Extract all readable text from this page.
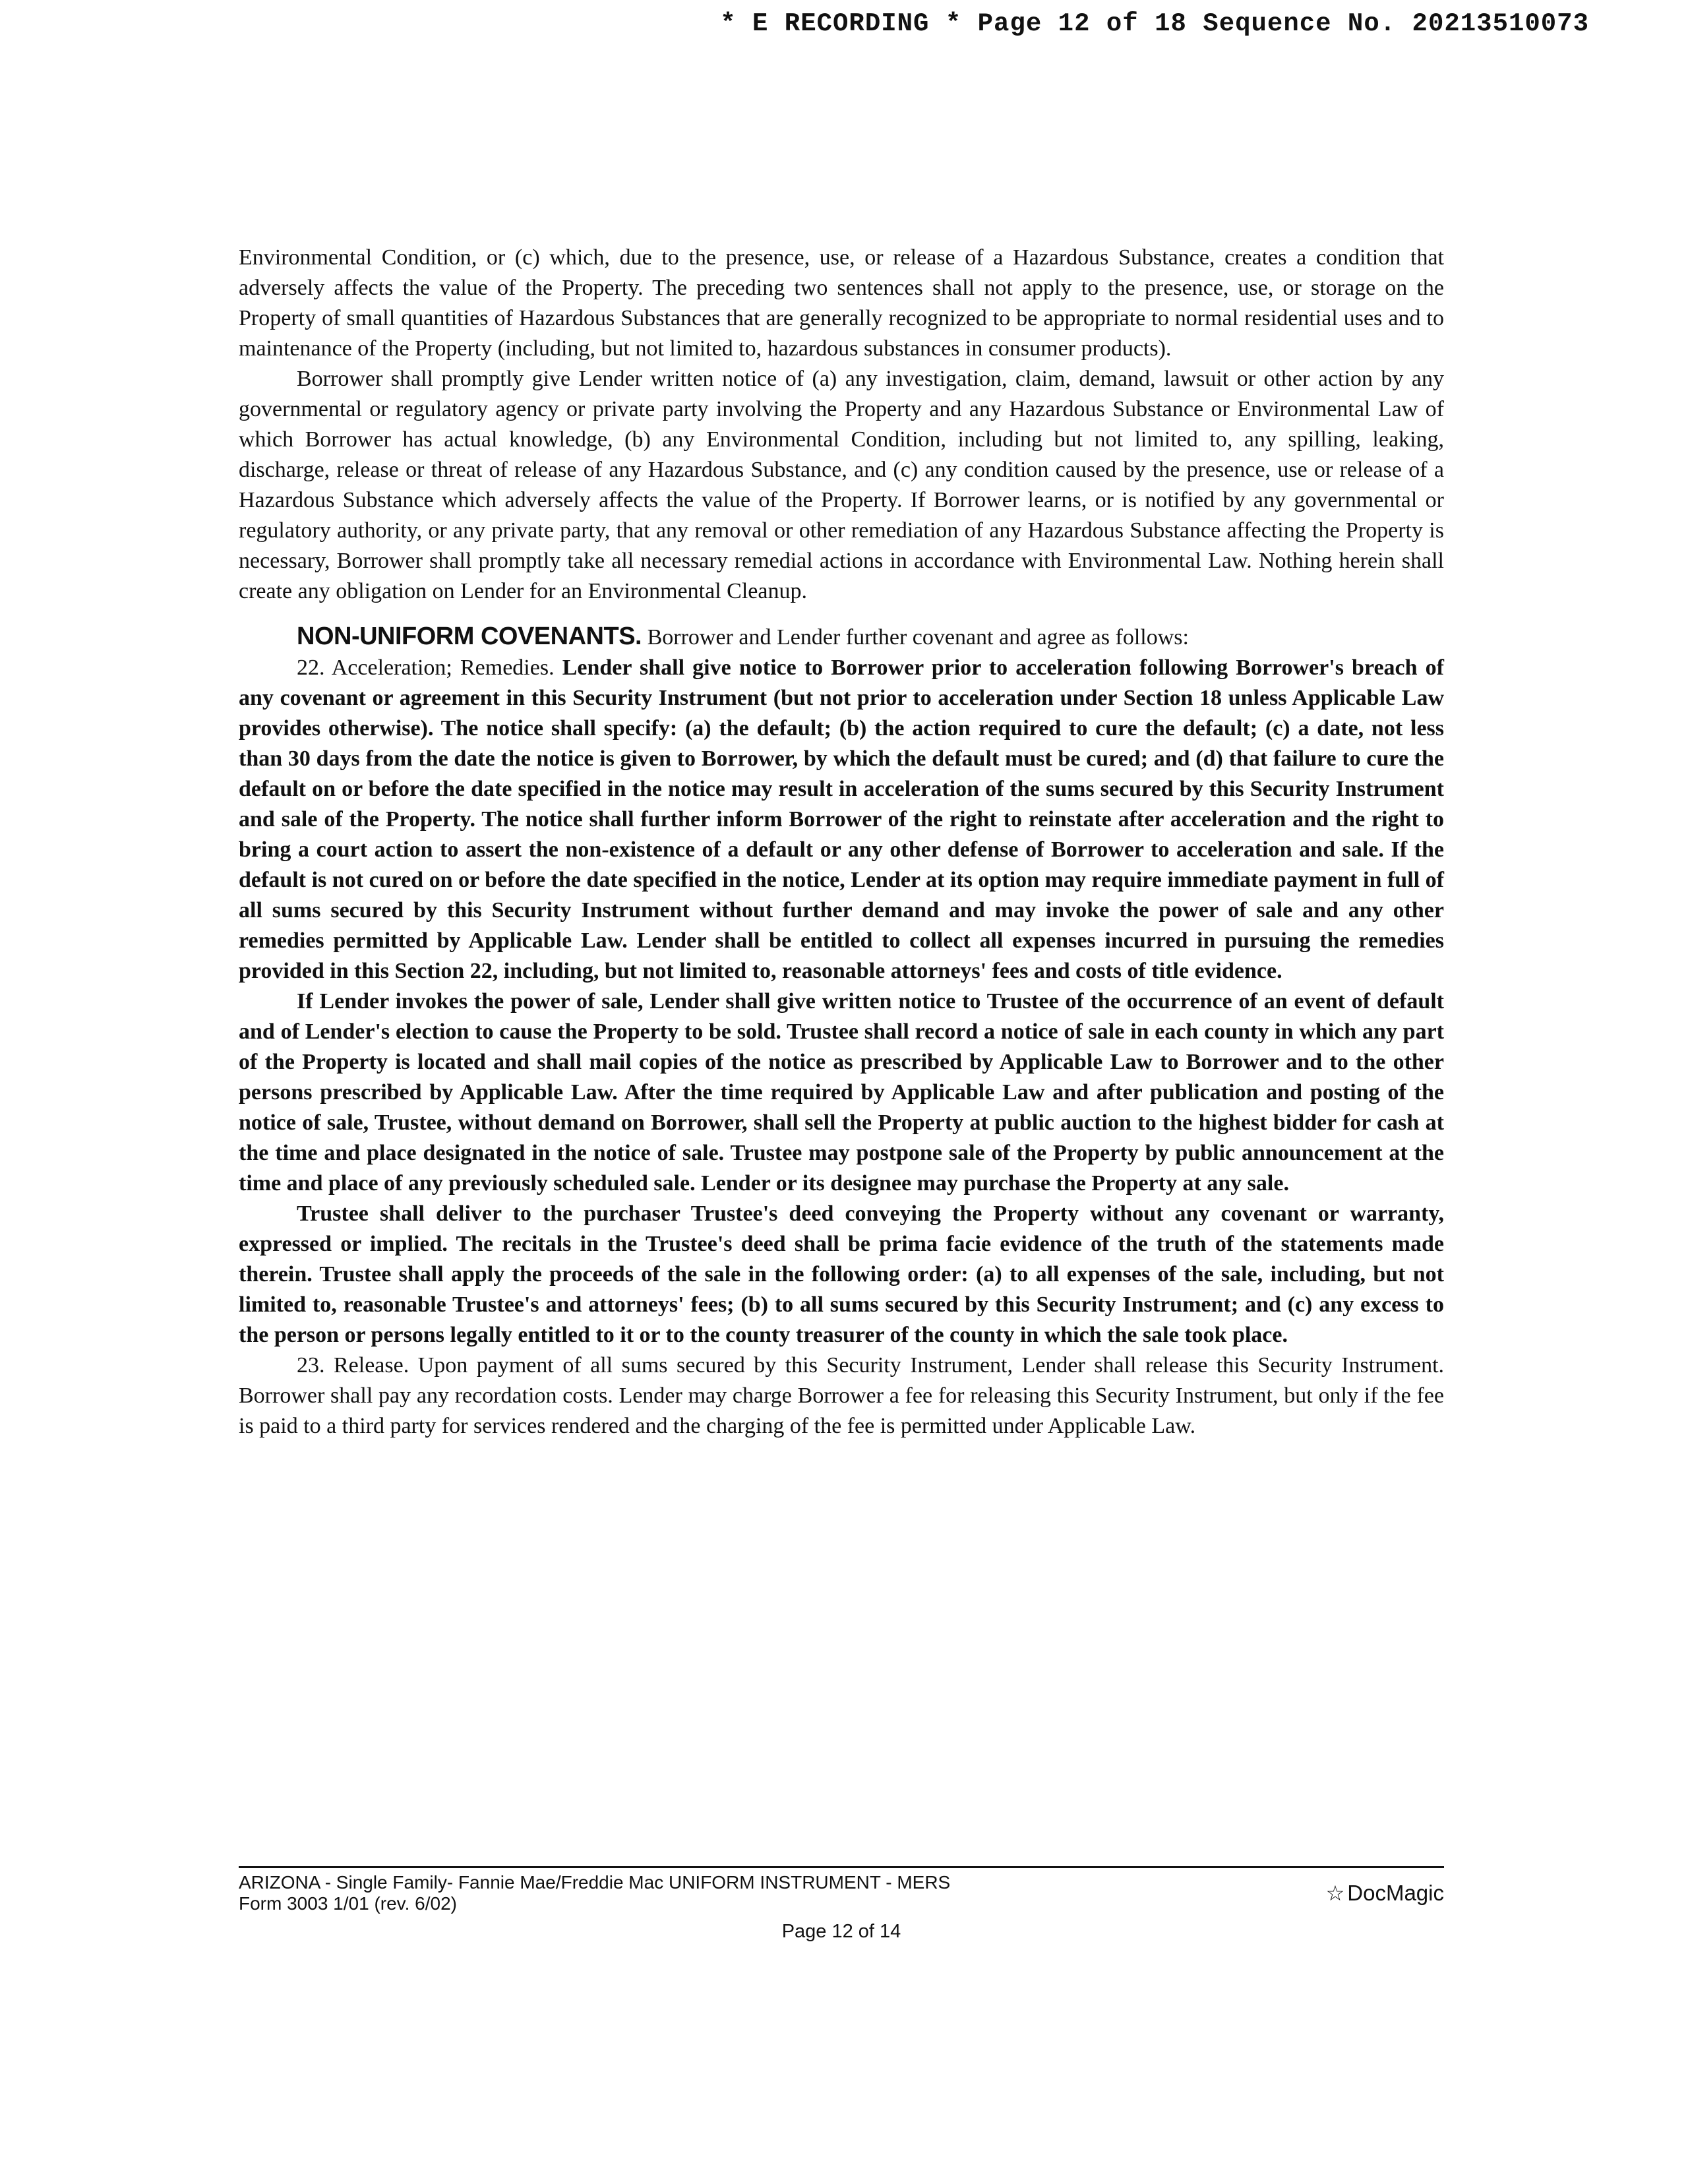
* E RECORDING * Page 12 of 18 Sequence No. 20213510073

Environmental Condition, or (c) which, due to the presence, use, or release of a Hazardous Substance, creates a condition that adversely affects the value of the Property. The preceding two sentences shall not apply to the presence, use, or storage on the Property of small quantities of Hazardous Substances that are generally recognized to be appropriate to normal residential uses and to maintenance of the Property (including, but not limited to, hazardous substances in consumer products).

Borrower shall promptly give Lender written notice of (a) any investigation, claim, demand, lawsuit or other action by any governmental or regulatory agency or private party involving the Property and any Hazardous Substance or Environmental Law of which Borrower has actual knowledge, (b) any Environmental Condition, including but not limited to, any spilling, leaking, discharge, release or threat of release of any Hazardous Substance, and (c) any condition caused by the presence, use or release of a Hazardous Substance which adversely affects the value of the Property. If Borrower learns, or is notified by any governmental or regulatory authority, or any private party, that any removal or other remediation of any Hazardous Substance affecting the Property is necessary, Borrower shall promptly take all necessary remedial actions in accordance with Environmental Law. Nothing herein shall create any obligation on Lender for an Environmental Cleanup.

NON-UNIFORM COVENANTS. Borrower and Lender further covenant and agree as follows:

22. Acceleration; Remedies. Lender shall give notice to Borrower prior to acceleration following Borrower's breach of any covenant or agreement in this Security Instrument (but not prior to acceleration under Section 18 unless Applicable Law provides otherwise). The notice shall specify: (a) the default; (b) the action required to cure the default; (c) a date, not less than 30 days from the date the notice is given to Borrower, by which the default must be cured; and (d) that failure to cure the default on or before the date specified in the notice may result in acceleration of the sums secured by this Security Instrument and sale of the Property. The notice shall further inform Borrower of the right to reinstate after acceleration and the right to bring a court action to assert the non-existence of a default or any other defense of Borrower to acceleration and sale. If the default is not cured on or before the date specified in the notice, Lender at its option may require immediate payment in full of all sums secured by this Security Instrument without further demand and may invoke the power of sale and any other remedies permitted by Applicable Law. Lender shall be entitled to collect all expenses incurred in pursuing the remedies provided in this Section 22, including, but not limited to, reasonable attorneys' fees and costs of title evidence.

If Lender invokes the power of sale, Lender shall give written notice to Trustee of the occurrence of an event of default and of Lender's election to cause the Property to be sold. Trustee shall record a notice of sale in each county in which any part of the Property is located and shall mail copies of the notice as prescribed by Applicable Law to Borrower and to the other persons prescribed by Applicable Law. After the time required by Applicable Law and after publication and posting of the notice of sale, Trustee, without demand on Borrower, shall sell the Property at public auction to the highest bidder for cash at the time and place designated in the notice of sale. Trustee may postpone sale of the Property by public announcement at the time and place of any previously scheduled sale. Lender or its designee may purchase the Property at any sale.

Trustee shall deliver to the purchaser Trustee's deed conveying the Property without any covenant or warranty, expressed or implied. The recitals in the Trustee's deed shall be prima facie evidence of the truth of the statements made therein. Trustee shall apply the proceeds of the sale in the following order: (a) to all expenses of the sale, including, but not limited to, reasonable Trustee's and attorneys' fees; (b) to all sums secured by this Security Instrument; and (c) any excess to the person or persons legally entitled to it or to the county treasurer of the county in which the sale took place.

23. Release. Upon payment of all sums secured by this Security Instrument, Lender shall release this Security Instrument. Borrower shall pay any recordation costs. Lender may charge Borrower a fee for releasing this Security Instrument, but only if the fee is paid to a third party for services rendered and the charging of the fee is permitted under Applicable Law.

ARIZONA - Single Family- Fannie Mae/Freddie Mac UNIFORM INSTRUMENT - MERS
Form 3003 1/01 (rev. 6/02)	☆ DocMagic
Page 12 of 14
